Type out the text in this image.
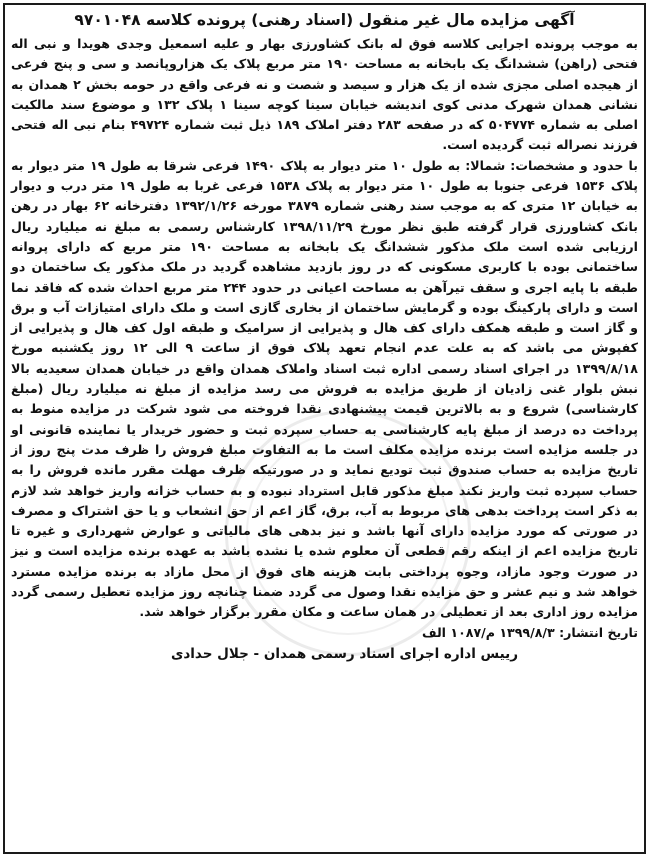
آگهی مزایده مال غیر منقول (اسناد رهنی) پرونده کلاسه ۹۷۰۱۰۴۸

به موجب پرونده اجرایی کلاسه فوق له بانک کشاورزی بهار و علیه اسمعیل وجدی هویدا و نبی اله فتحی (راهن) ششدانگ یک بابخانه به مساحت ۱۹۰ متر مربع پلاک یک هزاروپانصد و سی و پنج فرعی از هیجده اصلی مجزی شده از یک هزار و سیصد و شصت و نه فرعی واقع در حومه بخش ۲ همدان به نشانی همدان شهرک مدنی کوی اندیشه خیابان سینا کوچه سینا ۱ پلاک ۱۳۲ و موضوع سند مالکیت اصلی به شماره ۵۰۴۷۷۴ که در صفحه ۲۸۳ دفتر املاک ۱۸۹ ذیل ثبت شماره ۴۹۷۲۴ بنام نبی اله فتحی فرزند نصراله ثبت گردیده است.

با حدود و مشخصات: شمالا: به طول ۱۰ متر دیوار به پلاک ۱۴۹۰ فرعی شرقا به طول ۱۹ متر دیوار به پلاک ۱۵۳۶ فرعی جنوبا به طول ۱۰ متر دیوار به پلاک ۱۵۳۸ فرعی غربا به طول ۱۹ متر درب و دیوار به خیابان ۱۲ متری که به موجب سند رهنی شماره ۳۸۷۹ مورخه ۱۳۹۲/۱/۲۶ دفترخانه ۶۲ بهار در رهن بانک کشاورزی قرار گرفته طبق نظر مورخ ۱۳۹۸/۱۱/۲۹ کارشناس رسمی به مبلغ نه میلیارد ریال ارزیابی شده است ملک مذکور ششدانگ یک بابخانه به مساحت ۱۹۰ متر مربع که دارای پروانه ساختمانی بوده با کاربری مسکونی که در روز بازدید مشاهده گردید در ملک مذکور یک ساختمان دو طبقه با پایه اجری و سقف تیرآهن به مساحت اعیانی در حدود ۲۴۴ متر مربع احداث شده که فاقد نما است و دارای پارکینگ بوده و گرمایش ساختمان از بخاری گازی است و ملک دارای امتیازات آب و برق و گاز است و طبقه همکف دارای کف هال و پذیرایی از سرامیک و طبقه اول کف هال و پذیرایی از کفپوش می باشد که به علت عدم انجام تعهد پلاک فوق از ساعت ۹ الی ۱۲ روز یکشنبه مورخ ۱۳۹۹/۸/۱۸ در اجرای اسناد رسمی اداره ثبت اسناد واملاک همدان واقع در خیابان همدان سعیدیه بالا نبش بلوار غنی زادیان از طریق مزایده به فروش می رسد مزایده از مبلغ نه میلیارد ریال (مبلغ کارشناسی) شروع و به بالاترین قیمت پیشنهادی نقدا فروخته می شود شرکت در مزایده منوط به پرداخت ده درصد از مبلغ پایه کارشناسی به حساب سپرده ثبت و حضور خریدار یا نماینده قانونی او در جلسه مزایده است برنده مزایده مکلف است ما به التفاوت مبلغ فروش را ظرف مدت پنج روز از تاریخ مزایده به حساب صندوق ثبت تودیع نماید و در صورتیکه ظرف مهلت مقرر مانده فروش را به حساب سپرده ثبت واریز نکند مبلغ مذکور قابل استرداد نبوده و به حساب خزانه واریز خواهد شد لازم به ذکر است پرداخت بدهی های مربوط به آب، برق، گاز اعم از حق انشعاب و یا حق اشتراک و مصرف در صورتی که مورد مزایده دارای آنها باشد و نیز بدهی های مالیاتی و عوارض شهرداری و غیره تا تاریخ مزایده اعم از اینکه رقم قطعی آن معلوم شده یا نشده باشد به عهده برنده مزایده است و نیز در صورت وجود مازاد، وجوه پرداختی بابت هزینه های فوق از محل مازاد به برنده مزایده مسترد خواهد شد و نیم عشر و حق مزایده نقدا وصول می گردد ضمنا چنانچه روز مزایده تعطیل رسمی گردد مزایده روز اداری بعد از تعطیلی در همان ساعت و مکان مقرر برگزار خواهد شد.

تاریخ انتشار: ۱۳۹۹/۸/۳ م/۱۰۸۷ الف

رییس اداره اجرای اسناد رسمی همدان - جلال حدادی
